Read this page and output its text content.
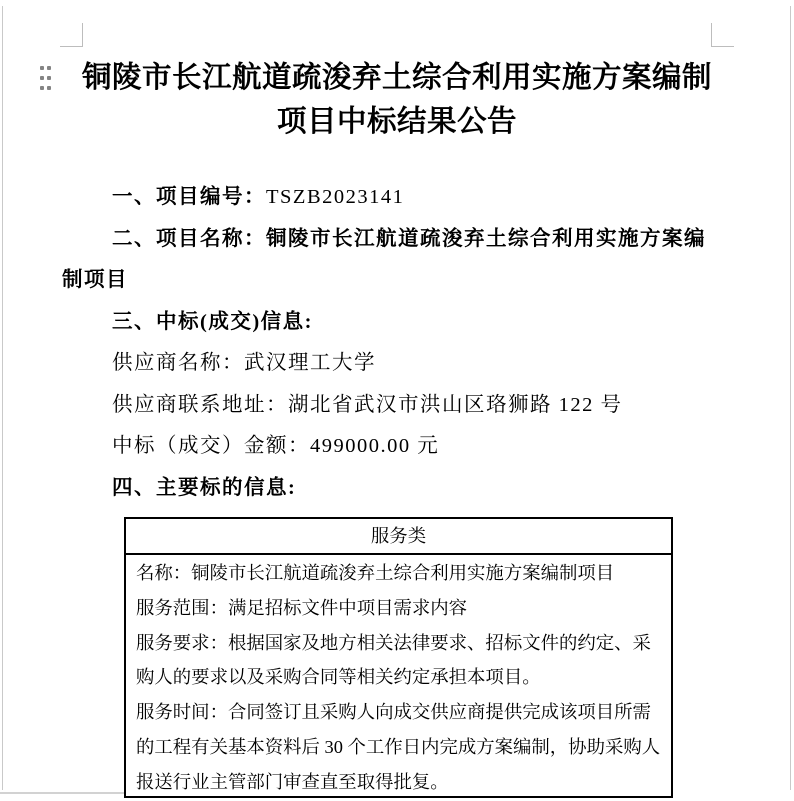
铜陵市长江航道疏浚弃土综合利用实施方案编制项目中标结果公告

一、项目编号：TSZB2023141

二、项目名称：铜陵市长江航道疏浚弃土综合利用实施方案编制项目

三、中标(成交)信息:

供应商名称：武汉理工大学

供应商联系地址：湖北省武汉市洪山区珞狮路 122 号

中标（成交）金额：499000.00 元

四、主要标的信息:

服务类

名称：铜陵市长江航道疏浚弃土综合利用实施方案编制项目

服务范围：满足招标文件中项目需求内容

服务要求：根据国家及地方相关法律要求、招标文件的约定、采购人的要求以及采购合同等相关约定承担本项目。

服务时间：合同签订且采购人向成交供应商提供完成该项目所需的工程有关基本资料后 30 个工作日内完成方案编制，协助采购人报送行业主管部门审查直至取得批复。
